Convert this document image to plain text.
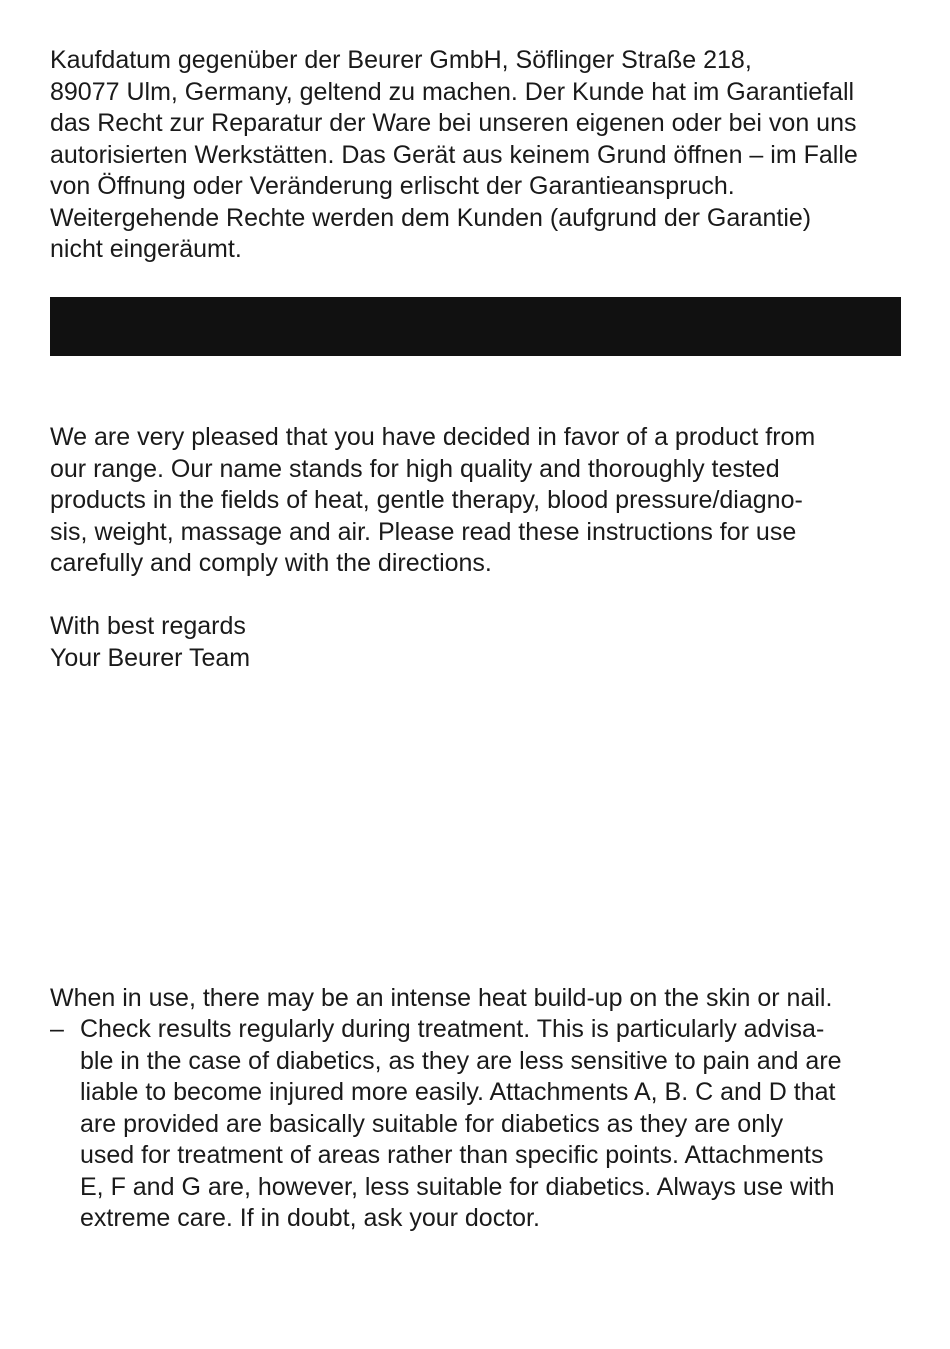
Kaufdatum gegenüber der Beurer GmbH, Söflinger Straße 218,
89077 Ulm, Germany, geltend zu machen. Der Kunde hat im Garantiefall
das Recht zur Reparatur der Ware bei unseren eigenen oder bei von uns
autorisierten Werkstätten. Das Gerät aus keinem Grund öffnen – im Falle
von Öffnung oder Veränderung erlischt der Garantieanspruch.
Weitergehende Rechte werden dem Kunden (aufgrund der Garantie)
nicht eingeräumt.

We are very pleased that you have decided in favor of a product from
our range. Our name stands for high quality and thoroughly tested
products in the fields of heat, gentle therapy, blood pressure/diagno-
sis, weight, massage and air. Please read these instructions for use
carefully and comply with the directions.

With best regards
Your Beurer Team

When in use, there may be an intense heat build-up on the skin or nail.

– Check results regularly during treatment. This is particularly advisa-
ble in the case of diabetics, as they are less sensitive to pain and are
liable to become injured more easily. Attachments A, B. C and D that
are provided are basically suitable for diabetics as they are only
used for treatment of areas rather than specific points. Attachments
E, F and G are, however, less suitable for diabetics. Always use with
extreme care. If in doubt, ask your doctor.
